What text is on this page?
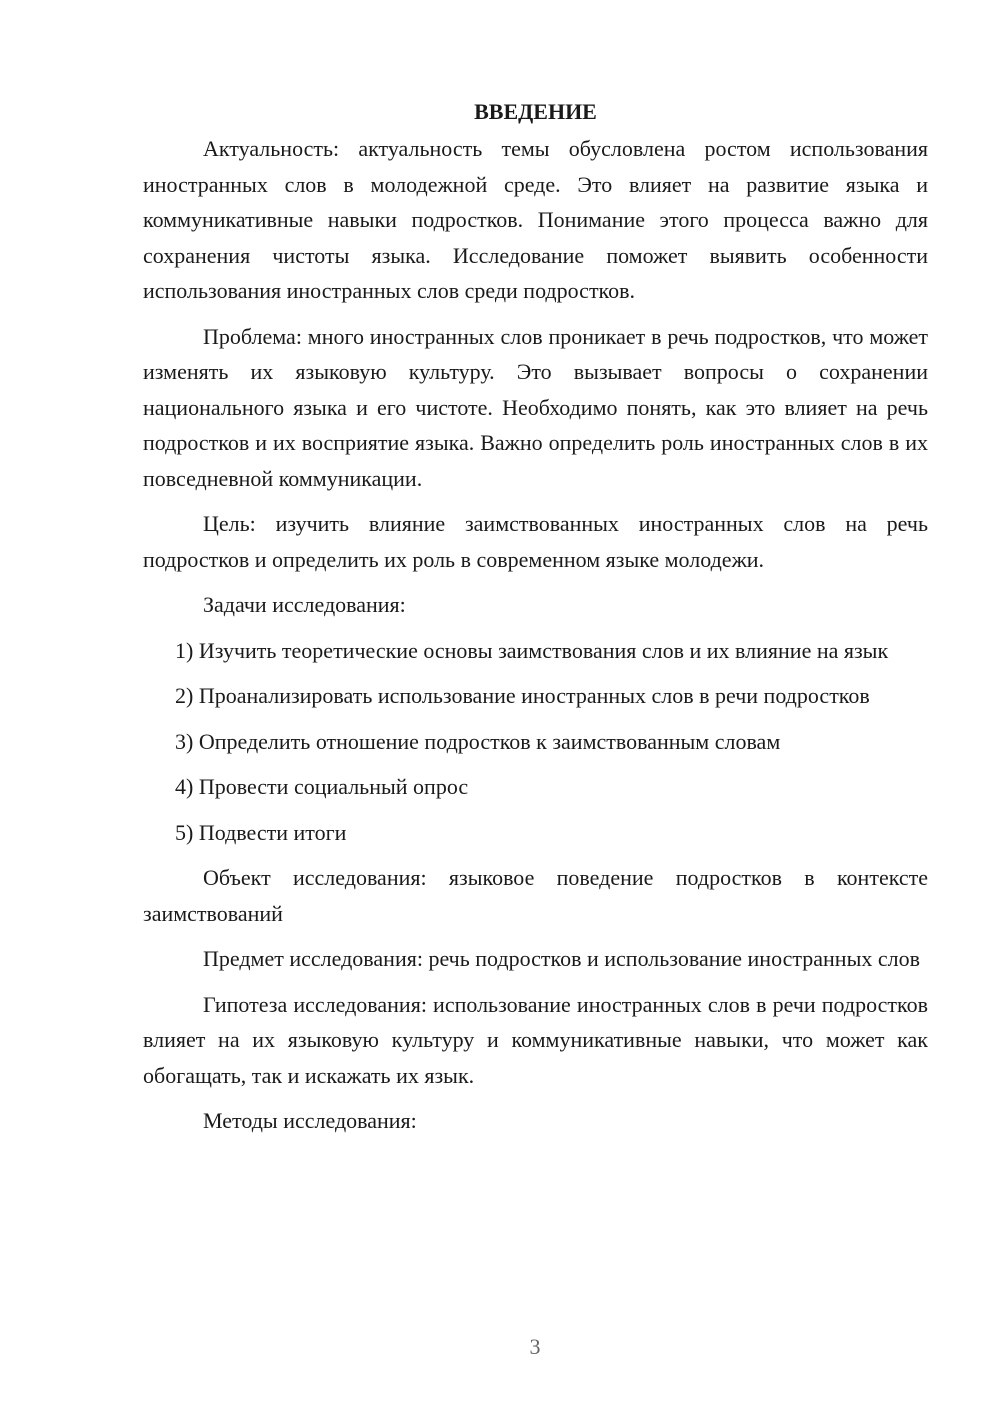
ВВЕДЕНИЕ

Актуальность: актуальность темы обусловлена ростом использования иностранных слов в молодежной среде. Это влияет на развитие языка и коммуникативные навыки подростков. Понимание этого процесса важно для сохранения чистоты языка. Исследование поможет выявить особенности использования иностранных слов среди подростков.

Проблема: много иностранных слов проникает в речь подростков, что может изменять их языковую культуру. Это вызывает вопросы о сохранении национального языка и его чистоте. Необходимо понять, как это влияет на речь подростков и их восприятие языка. Важно определить роль иностранных слов в их повседневной коммуникации.

Цель: изучить влияние заимствованных иностранных слов на речь подростков и определить их роль в современном языке молодежи.

Задачи исследования:

1) Изучить теоретические основы заимствования слов и их влияние на язык

2) Проанализировать использование иностранных слов в речи подростков

3) Определить отношение подростков к заимствованным словам

4) Провести социальный опрос

5) Подвести итоги

Объект исследования: языковое поведение подростков в контексте заимствований

Предмет исследования: речь подростков и использование иностранных слов

Гипотеза исследования: использование иностранных слов в речи подростков влияет на их языковую культуру и коммуникативные навыки, что может как обогащать, так и искажать их язык.

Методы исследования:

3
